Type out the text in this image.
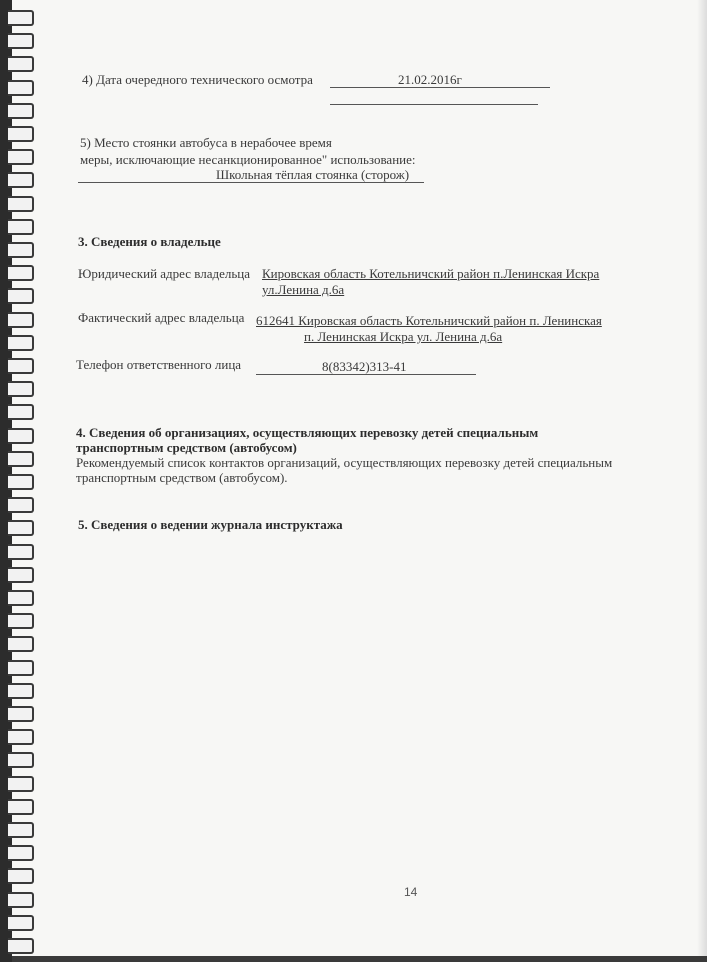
4) Дата очередного технического осмотра	21.02.2016г
5) Место стоянки автобуса в нерабочее время
меры, исключающие несанкционированное" использование:
Школьная тёплая стоянка (сторож)
3. Сведения о владельце
Юридический адрес владельца Кировская область Котельничский район п.Ленинская Искра
ул.Ленина д.6а
Фактический адрес владельца 612641 Кировская область Котельничский район п. Ленинская
п. Ленинская Искра ул. Ленина д.6а
Телефон ответственного лица	8(83342)313-41
4. Сведения об организациях, осуществляющих перевозку детей специальным
транспортным средством (автобусом)
Рекомендуемый список контактов организаций, осуществляющих перевозку детей специальным
транспортным средством (автобусом).
5. Сведения о ведении журнала инструктажа
14
